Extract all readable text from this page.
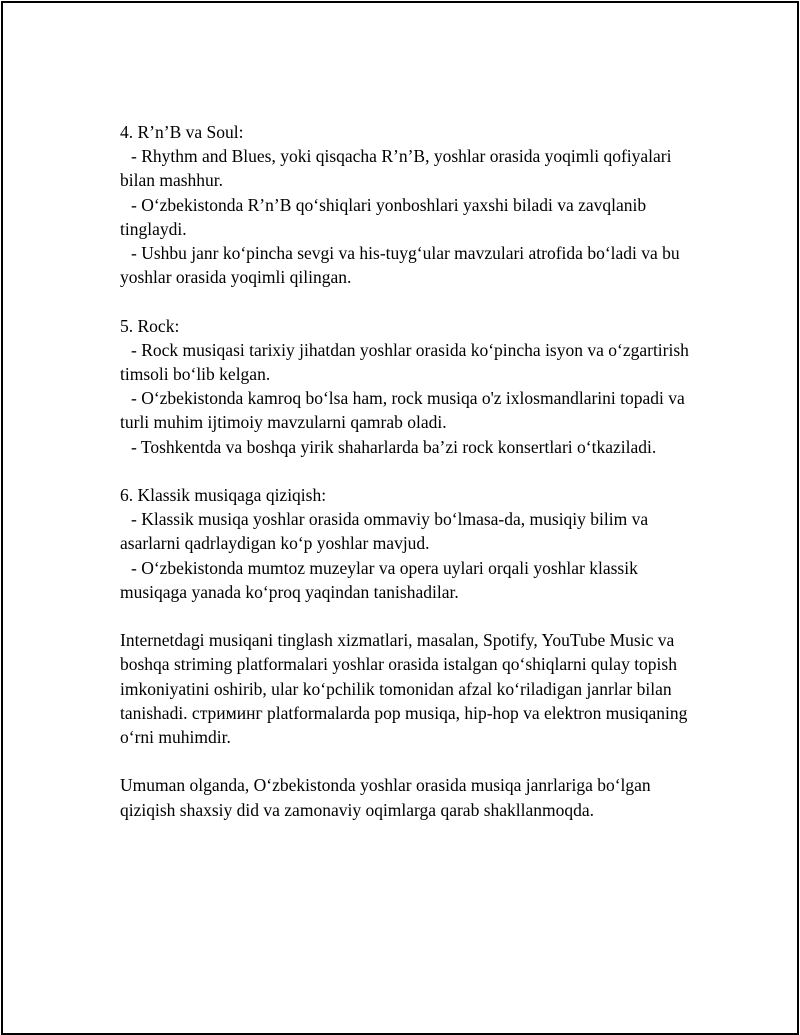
4. R’n’B va Soul:

- Rhythm and Blues, yoki qisqacha R’n’B, yoshlar orasida yoqimli qofiyalari bilan mashhur.

- O‘zbekistonda R’n’B qo‘shiqlari yonboshlari yaxshi biladi va zavqlanib tinglaydi.

- Ushbu janr ko‘pincha sevgi va his-tuyg‘ular mavzulari atrofida bo‘ladi va bu yoshlar orasida yoqimli qilingan.

5. Rock:

- Rock musiqasi tarixiy jihatdan yoshlar orasida ko‘pincha isyon va o‘zgartirish timsoli bo‘lib kelgan.

- O‘zbekistonda kamroq bo‘lsa ham, rock musiqa o'z ixlosmandlarini topadi va turli muhim ijtimoiy mavzularni qamrab oladi.

- Toshkentda va boshqa yirik shaharlarda ba’zi rock konsertlari o‘tkaziladi.

6. Klassik musiqaga qiziqish:

- Klassik musiqa yoshlar orasida ommaviy bo‘lmasa-da, musiqiy bilim va asarlarni qadrlaydigan ko‘p yoshlar mavjud.

- O‘zbekistonda mumtoz muzeylar va opera uylari orqali yoshlar klassik musiqaga yanada ko‘proq yaqindan tanishadilar.

Internetdagi musiqani tinglash xizmatlari, masalan, Spotify, YouTube Music va boshqa striming platformalari yoshlar orasida istalgan qo‘shiqlarni qulay topish imkoniyatini oshirib, ular ko‘pchilik tomonidan afzal ko‘riladigan janrlar bilan tanishadi. стриминг platformalarda pop musiqa, hip-hop va elektron musiqaning o‘rni muhimdir.

Umuman olganda, O‘zbekistonda yoshlar orasida musiqa janrlariga bo‘lgan qiziqish shaxsiy did va zamonaviy oqimlarga qarab shakllanmoqda.
